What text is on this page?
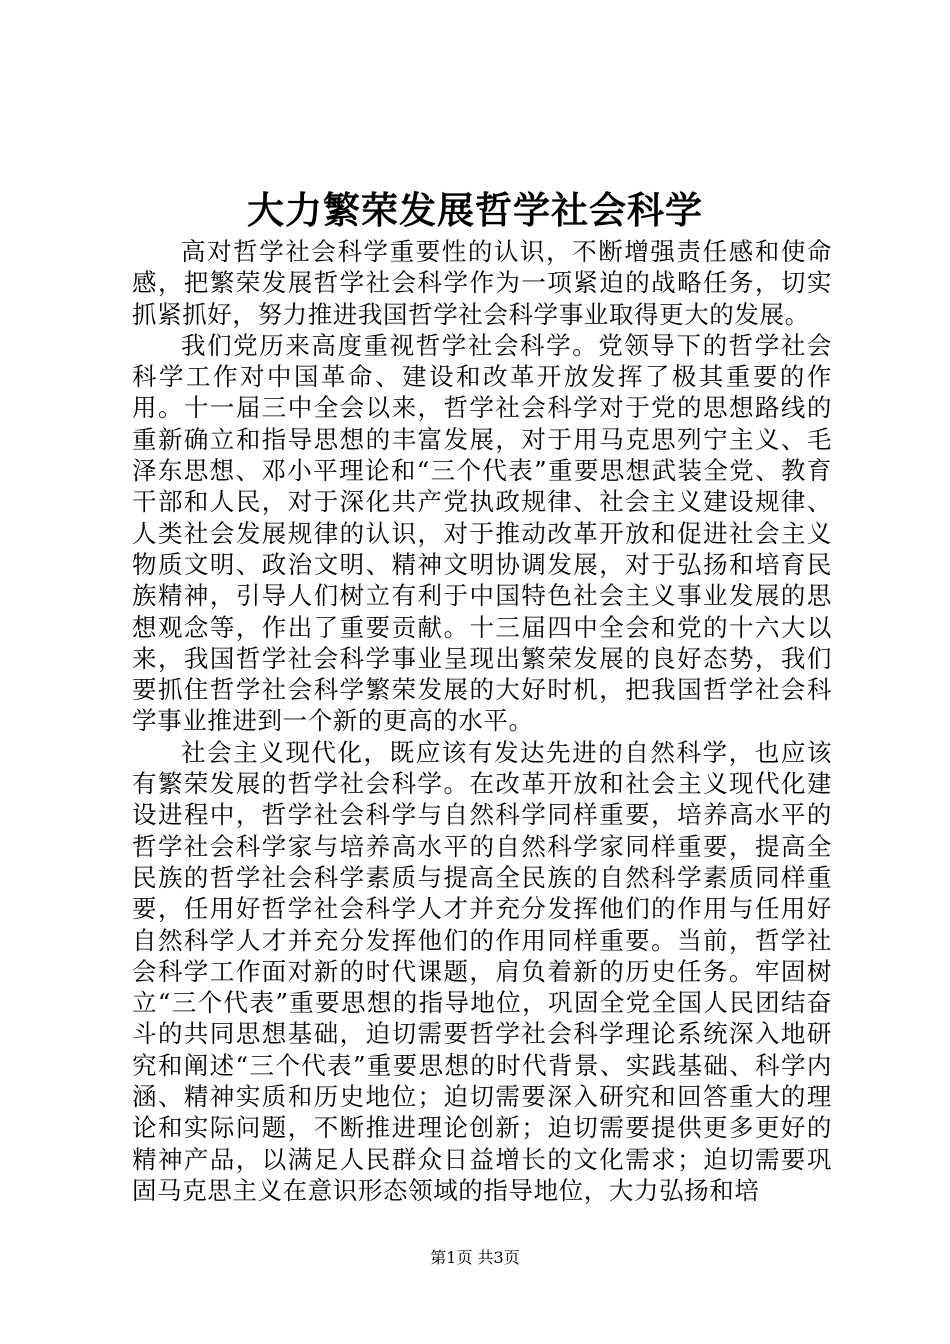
大力繁荣发展哲学社会科学

高对哲学社会科学重要性的认识，不断增强责任感和使命感，把繁荣发展哲学社会科学作为一项紧迫的战略任务，切实抓紧抓好，努力推进我国哲学社会科学事业取得更大的发展。

我们党历来高度重视哲学社会科学。党领导下的哲学社会科学工作对中国革命、建设和改革开放发挥了极其重要的作用。十一届三中全会以来，哲学社会科学对于党的思想路线的重新确立和指导思想的丰富发展，对于用马克思列宁主义、毛泽东思想、邓小平理论和“三个代表”重要思想武装全党、教育干部和人民，对于深化共产党执政规律、社会主义建设规律、人类社会发展规律的认识，对于推动改革开放和促进社会主义物质文明、政治文明、精神文明协调发展，对于弘扬和培育民族精神，引导人们树立有利于中国特色社会主义事业发展的思想观念等，作出了重要贡献。十三届四中全会和党的十六大以来，我国哲学社会科学事业呈现出繁荣发展的良好态势，我们要抓住哲学社会科学繁荣发展的大好时机，把我国哲学社会科学事业推进到一个新的更高的水平。

社会主义现代化，既应该有发达先进的自然科学，也应该有繁荣发展的哲学社会科学。在改革开放和社会主义现代化建设进程中，哲学社会科学与自然科学同样重要，培养高水平的哲学社会科学家与培养高水平的自然科学家同样重要，提高全民族的哲学社会科学素质与提高全民族的自然科学素质同样重要，任用好哲学社会科学人才并充分发挥他们的作用与任用好自然科学人才并充分发挥他们的作用同样重要。当前，哲学社会科学工作面对新的时代课题，肩负着新的历史任务。牢固树立“三个代表”重要思想的指导地位，巩固全党全国人民团结奋斗的共同思想基础，迫切需要哲学社会科学理论系统深入地研究和阐述“三个代表”重要思想的时代背景、实践基础、科学内涵、精神实质和历史地位；迫切需要深入研究和回答重大的理论和实际问题，不断推进理论创新；迫切需要提供更多更好的精神产品，以满足人民群众日益增长的文化需求；迫切需要巩固马克思主义在意识形态领域的指导地位，大力弘扬和培

第1页 共3页
